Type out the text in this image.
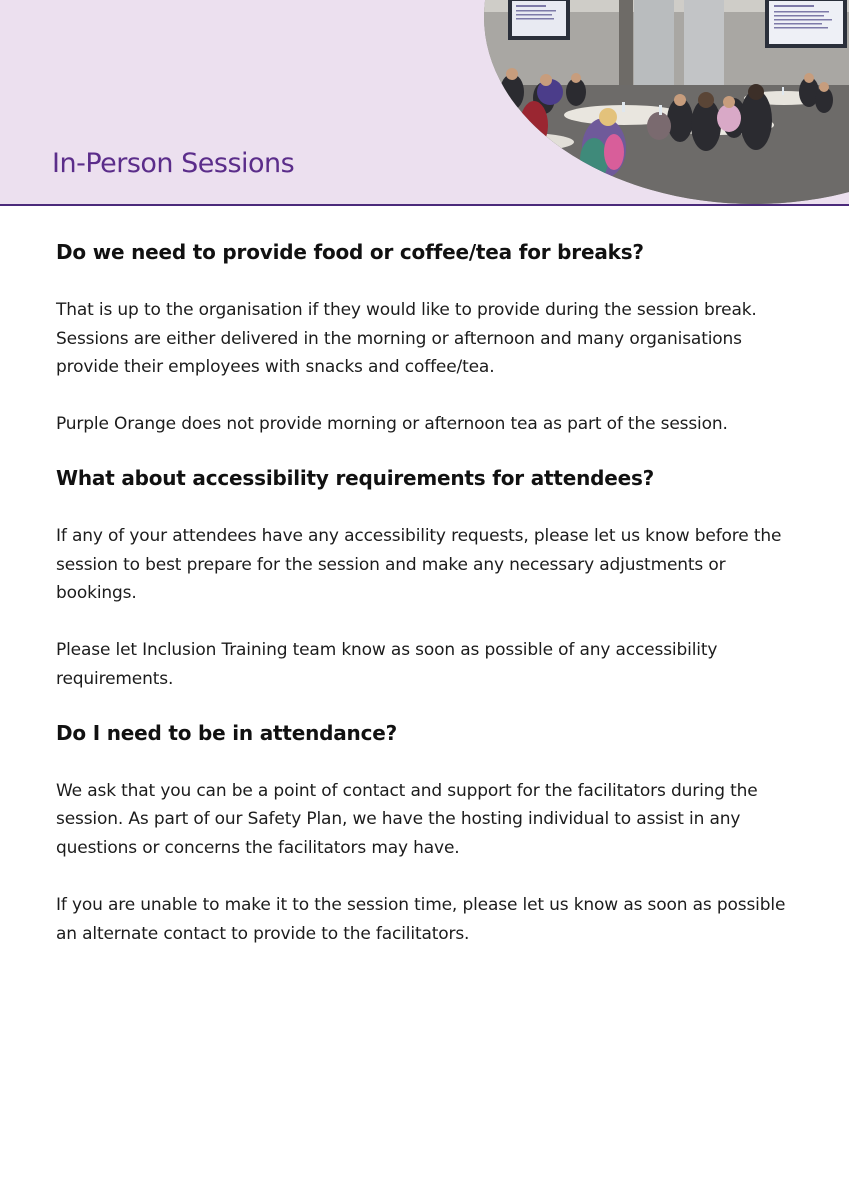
In-Person Sessions
Do we need to provide food or coffee/tea for breaks?

That is up to the organisation if they would like to provide during the session break. Sessions are either delivered in the morning or afternoon and many organisations provide their employees with snacks and coffee/tea.

Purple Orange does not provide morning or afternoon tea as part of the session.

What about accessibility requirements for attendees?

If any of your attendees have any accessibility requests, please let us know before the session to best prepare for the session and make any necessary adjustments or bookings.

Please let Inclusion Training team know as soon as possible of any accessibility requirements.

Do I need to be in attendance?

We ask that you can be a point of contact and support for the facilitators during the session. As part of our Safety Plan, we have the hosting individual to assist in any questions or concerns the facilitators may have.

If you are unable to make it to the session time, please let us know as soon as possible an alternate contact to provide to the facilitators.
